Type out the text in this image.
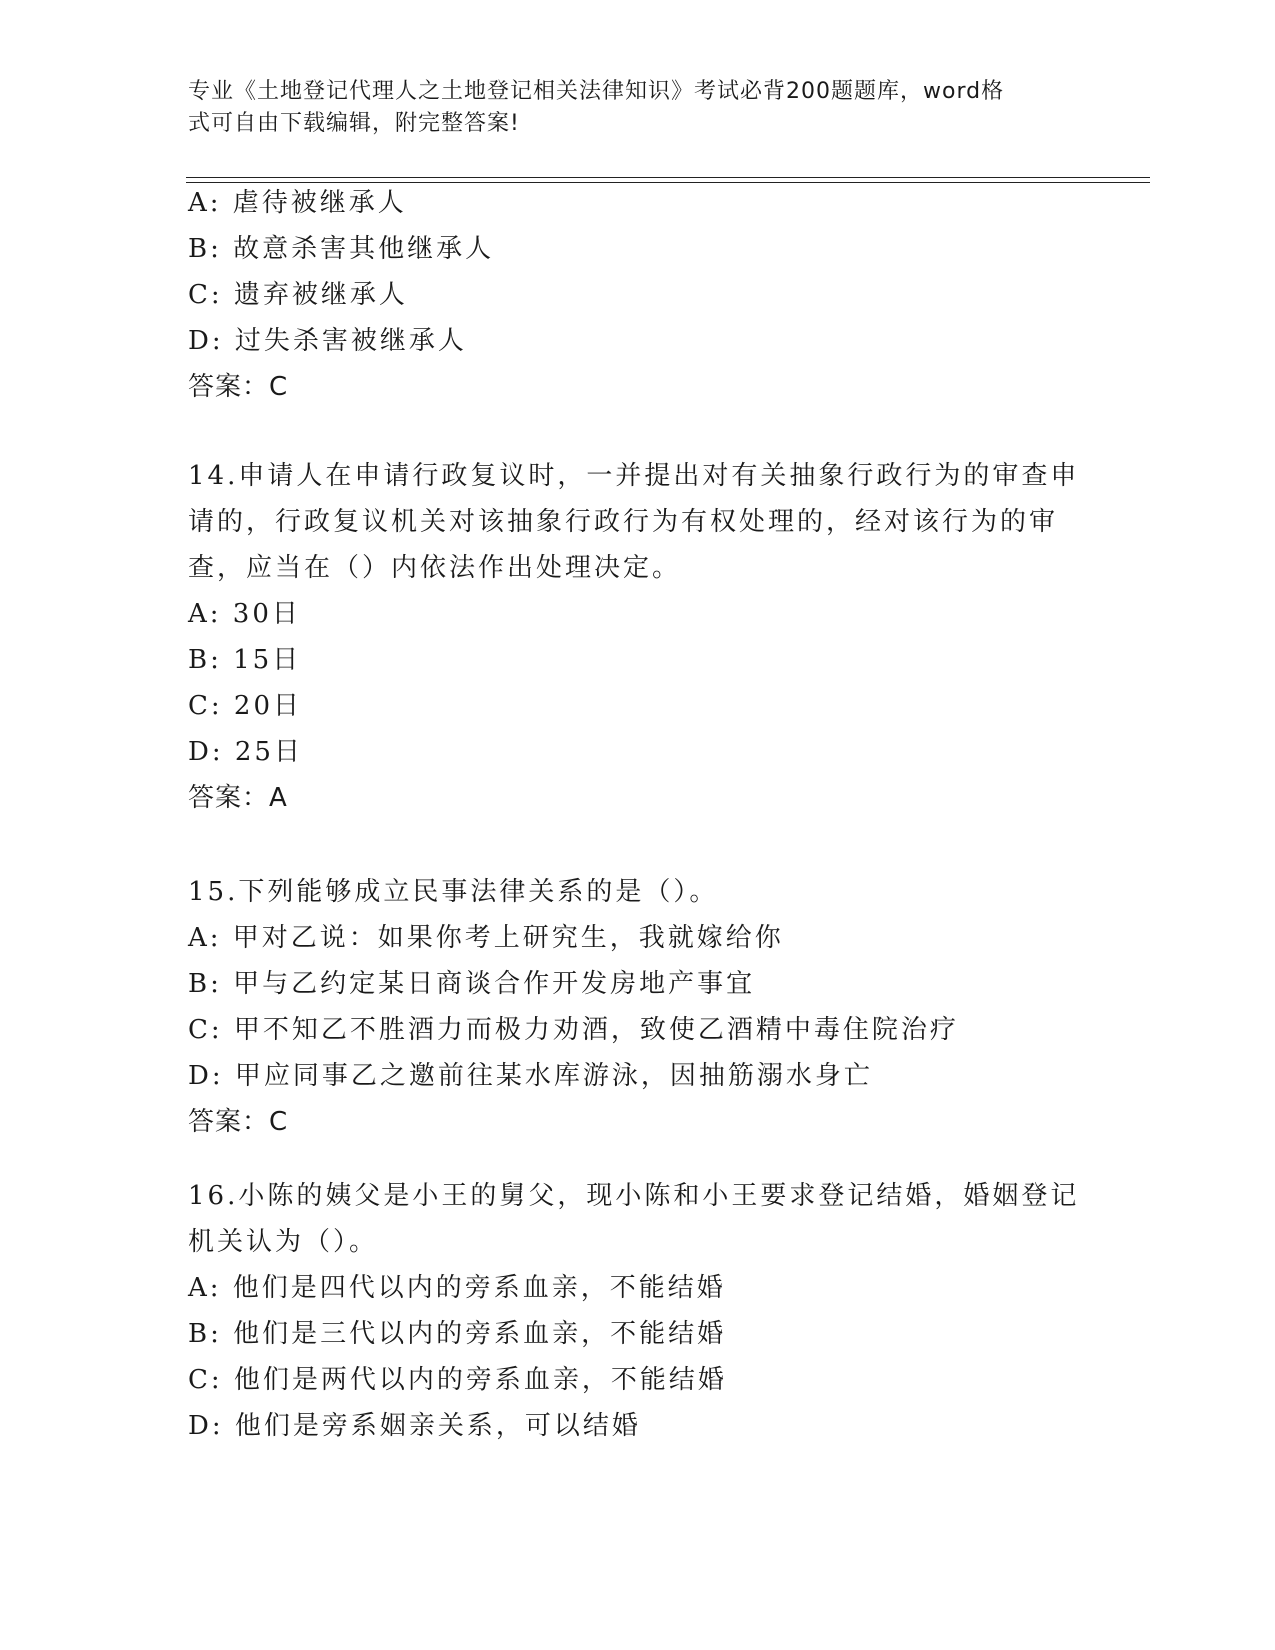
专业《土地登记代理人之土地登记相关法律知识》考试必背200题题库，word格
式可自由下载编辑，附完整答案!
A: 虐待被继承人
B: 故意杀害其他继承人
C: 遗弃被继承人
D: 过失杀害被继承人
答案：C
14.申请人在申请行政复议时，一并提出对有关抽象行政行为的审查申
请的，行政复议机关对该抽象行政行为有权处理的，经对该行为的审
查，应当在（）内依法作出处理决定。
A: 30日
B: 15日
C: 20日
D: 25日
答案：A
15.下列能够成立民事法律关系的是（）。
A: 甲对乙说：如果你考上研究生，我就嫁给你
B: 甲与乙约定某日商谈合作开发房地产事宜
C: 甲不知乙不胜酒力而极力劝酒，致使乙酒精中毒住院治疗
D: 甲应同事乙之邀前往某水库游泳，因抽筋溺水身亡
答案：C
16.小陈的姨父是小王的舅父，现小陈和小王要求登记结婚，婚姻登记
机关认为（）。
A: 他们是四代以内的旁系血亲，不能结婚
B: 他们是三代以内的旁系血亲，不能结婚
C: 他们是两代以内的旁系血亲，不能结婚
D: 他们是旁系姻亲关系，可以结婚
